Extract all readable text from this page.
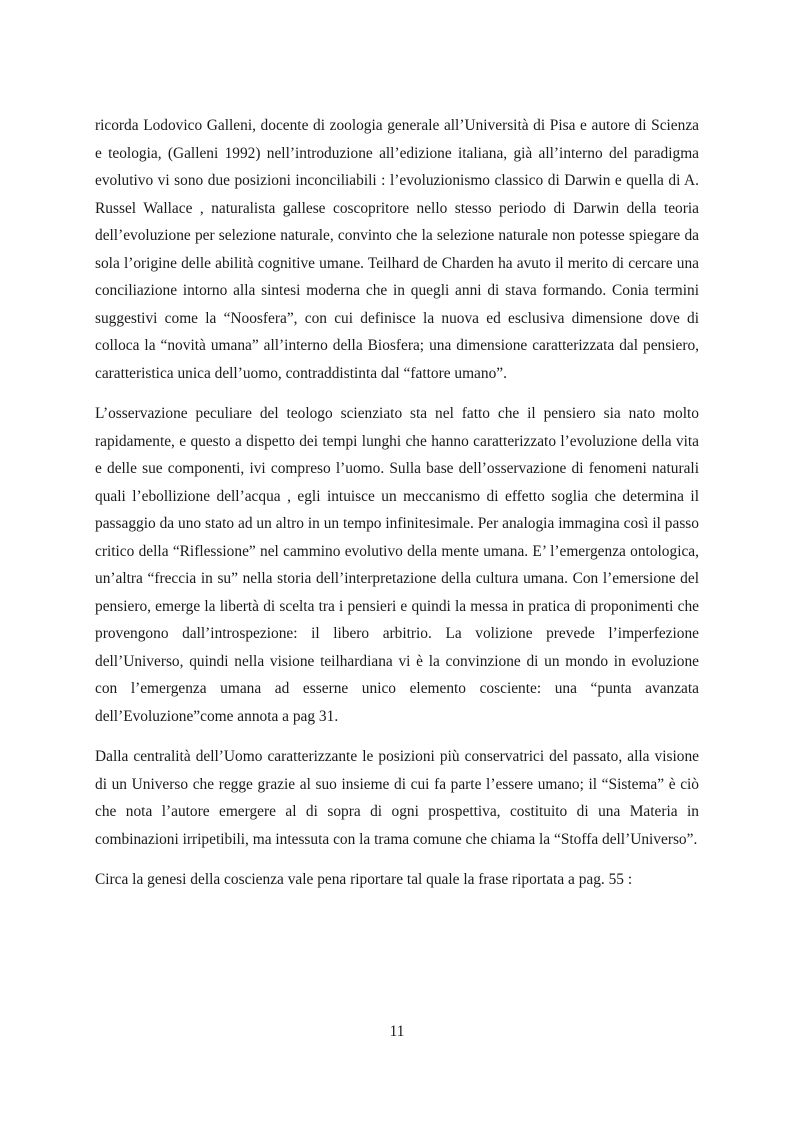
ricorda Lodovico Galleni, docente di zoologia generale all’Università di Pisa e autore di Scienza e teologia, (Galleni 1992) nell’introduzione all’edizione italiana, già all’interno del paradigma evolutivo vi sono due posizioni inconciliabili : l’evoluzionismo classico di Darwin e quella di A. Russel Wallace , naturalista gallese coscopritore nello stesso periodo di Darwin della teoria dell’evoluzione per selezione naturale, convinto che la selezione naturale non potesse spiegare da sola l’origine delle abilità cognitive umane. Teilhard de Charden ha avuto il merito di cercare una conciliazione intorno alla sintesi moderna che in quegli anni di stava formando. Conia termini suggestivi come la “Noosfera”, con cui definisce la nuova ed esclusiva dimensione dove di colloca la “novità umana” all’interno della Biosfera; una dimensione caratterizzata dal pensiero, caratteristica unica dell’uomo, contraddistinta dal “fattore umano”.

L’osservazione peculiare del teologo scienziato sta nel fatto che il pensiero sia nato molto rapidamente, e questo a dispetto dei tempi lunghi che hanno caratterizzato l’evoluzione della vita e delle sue componenti, ivi compreso l’uomo. Sulla base dell’osservazione di fenomeni naturali quali l’ebollizione dell’acqua , egli intuisce un meccanismo di effetto soglia che determina il passaggio da uno stato ad un altro in un tempo infinitesimale. Per analogia immagina così il passo critico della “Riflessione” nel cammino evolutivo della mente umana. E’ l’emergenza ontologica, un’altra “freccia in su” nella storia dell’interpretazione della cultura umana. Con l’emersione del pensiero, emerge la libertà di scelta tra i pensieri e quindi la messa in pratica di proponimenti che provengono dall’introspezione: il libero arbitrio. La volizione prevede l’imperfezione dell’Universo, quindi nella visione teilhardiana vi è la convinzione di un mondo in evoluzione con l’emergenza umana ad esserne unico elemento cosciente: una “punta avanzata dell’Evoluzione”come annota a pag 31.

Dalla centralità dell’Uomo caratterizzante le posizioni più conservatrici del passato, alla visione di un Universo che regge grazie al suo insieme di cui fa parte l’essere umano; il “Sistema” è ciò che nota l’autore emergere al di sopra di ogni prospettiva, costituito di una Materia in combinazioni irripetibili, ma intessuta con la trama comune che chiama la “Stoffa dell’Universo”.

Circa la genesi della coscienza vale pena riportare tal quale la frase riportata a pag. 55 :

11
